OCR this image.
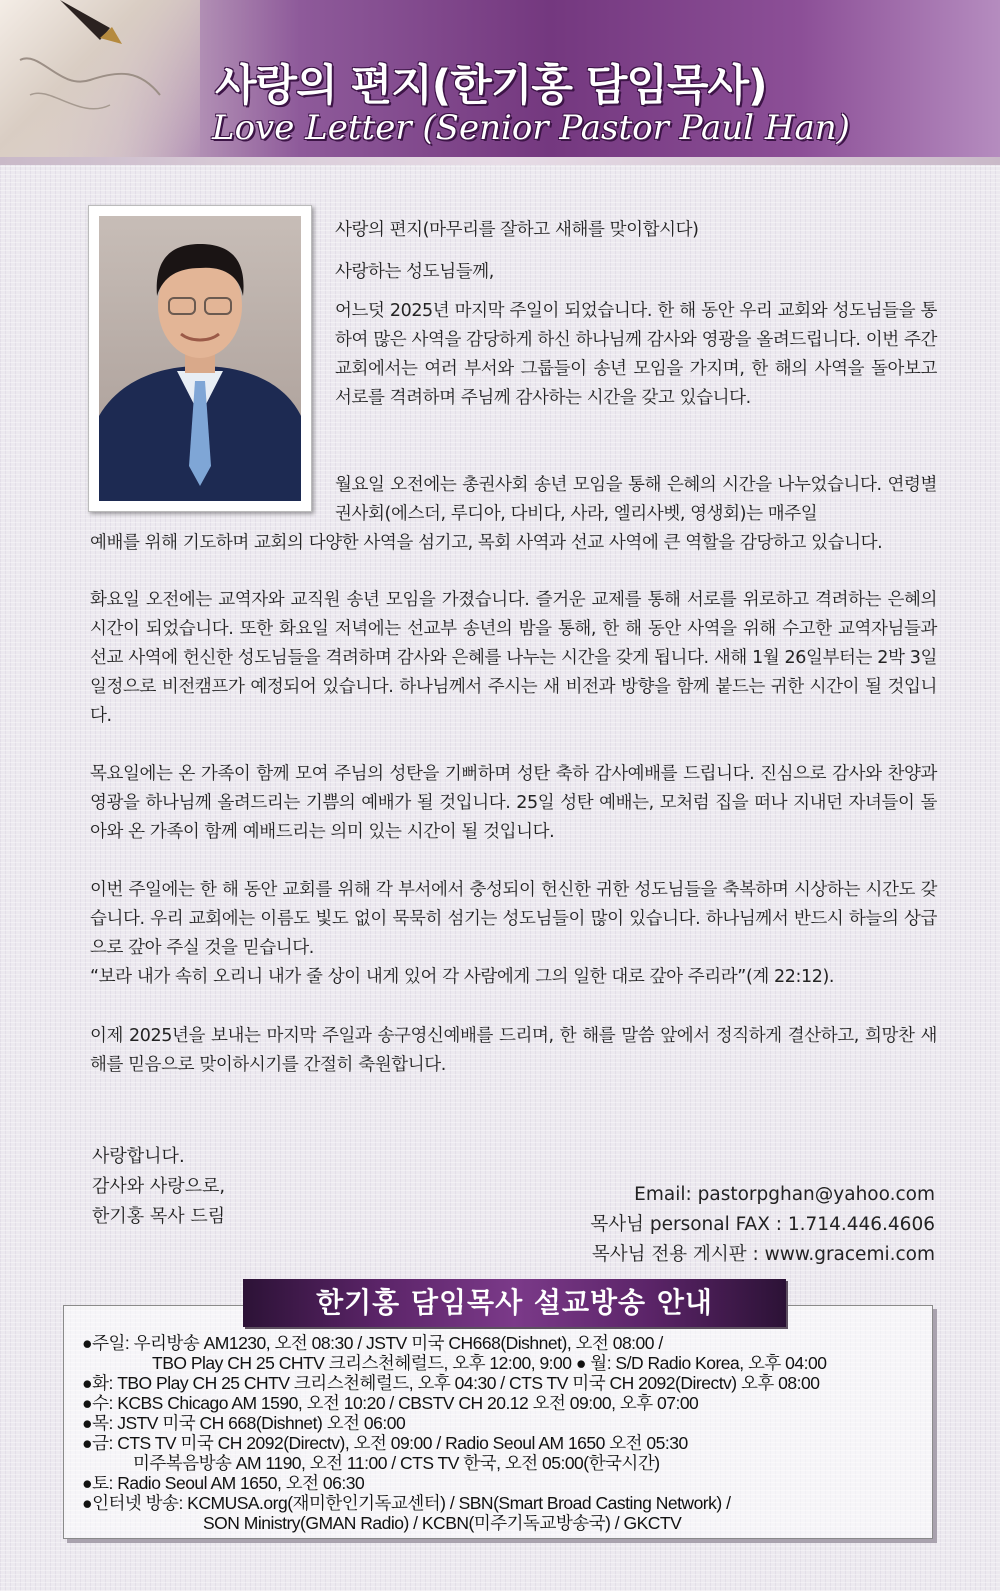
사랑의 편지(한기홍 담임목사)
Love Letter (Senior Pastor Paul Han)
사랑의 편지(마무리를 잘하고 새해를 맞이합시다)
사랑하는 성도님들께,
어느덧 2025년 마지막 주일이 되었습니다. 한 해 동안 우리 교회와 성도님들을 통하여 많은 사역을 감당하게 하신 하나님께 감사와 영광을 올려드립니다. 이번 주간 교회에서는 여러 부서와 그룹들이 송년 모임을 가지며, 한 해의 사역을 돌아보고 서로를 격려하며 주님께 감사하는 시간을 갖고 있습니다.
월요일 오전에는 총권사회 송년 모임을 통해 은혜의 시간을 나누었습니다. 연령별 권사회(에스더, 루디아, 다비다, 사라, 엘리사벳, 영생회)는 매주일
예배를 위해 기도하며 교회의 다양한 사역을 섬기고, 목회 사역과 선교 사역에 큰 역할을 감당하고 있습니다.
화요일 오전에는 교역자와 교직원 송년 모임을 가졌습니다. 즐거운 교제를 통해 서로를 위로하고 격려하는 은혜의 시간이 되었습니다. 또한 화요일 저녁에는 선교부 송년의 밤을 통해, 한 해 동안 사역을 위해 수고한 교역자님들과 선교 사역에 헌신한 성도님들을 격려하며 감사와 은혜를 나누는 시간을 갖게 됩니다. 새해 1월 26일부터는 2박 3일 일정으로 비전캠프가 예정되어 있습니다. 하나님께서 주시는 새 비전과 방향을 함께 붙드는 귀한 시간이 될 것입니다.
목요일에는 온 가족이 함께 모여 주님의 성탄을 기뻐하며 성탄 축하 감사예배를 드립니다. 진심으로 감사와 찬양과 영광을 하나님께 올려드리는 기쁨의 예배가 될 것입니다. 25일 성탄 예배는, 모처럼 집을 떠나 지내던 자녀들이 돌아와 온 가족이 함께 예배드리는 의미 있는 시간이 될 것입니다.
이번 주일에는 한 해 동안 교회를 위해 각 부서에서 충성되이 헌신한 귀한 성도님들을 축복하며 시상하는 시간도 갖습니다. 우리 교회에는 이름도 빛도 없이 묵묵히 섬기는 성도님들이 많이 있습니다. 하나님께서 반드시 하늘의 상급으로 갚아 주실 것을 믿습니다.
“보라 내가 속히 오리니 내가 줄 상이 내게 있어 각 사람에게 그의 일한 대로 갚아 주리라”(계 22:12).
이제 2025년을 보내는 마지막 주일과 송구영신예배를 드리며, 한 해를 말씀 앞에서 정직하게 결산하고, 희망찬 새해를 믿음으로 맞이하시기를 간절히 축원합니다.
사랑합니다.
감사와 사랑으로,
한기홍 목사 드림
Email: pastorpghan@yahoo.com
목사님 personal FAX : 1.714.446.4606
목사님 전용 게시판 : www.gracemi.com
한기홍 담임목사 설교방송 안내
●주일: 우리방송 AM1230, 오전 08:30 / JSTV 미국 CH668(Dishnet), 오전 08:00 /
TBO Play CH 25 CHTV 크리스천헤럴드, 오후 12:00, 9:00 ● 월: S/D Radio Korea, 오후 04:00
●화: TBO Play CH 25 CHTV 크리스천헤럴드, 오후 04:30 / CTS TV 미국 CH 2092(Directv) 오후 08:00
●수: KCBS Chicago AM 1590, 오전 10:20 / CBSTV CH 20.12 오전 09:00, 오후 07:00
●목: JSTV 미국 CH 668(Dishnet) 오전 06:00
●금: CTS TV 미국 CH 2092(Directv), 오전 09:00 / Radio Seoul AM 1650 오전 05:30
미주복음방송 AM 1190, 오전 11:00 / CTS TV 한국, 오전 05:00(한국시간)
●토: Radio Seoul AM 1650, 오전 06:30
●인터넷 방송: KCMUSA.org(재미한인기독교센터) / SBN(Smart Broad Casting Network) /
SON Ministry(GMAN Radio) / KCBN(미주기독교방송국) / GKCTV
